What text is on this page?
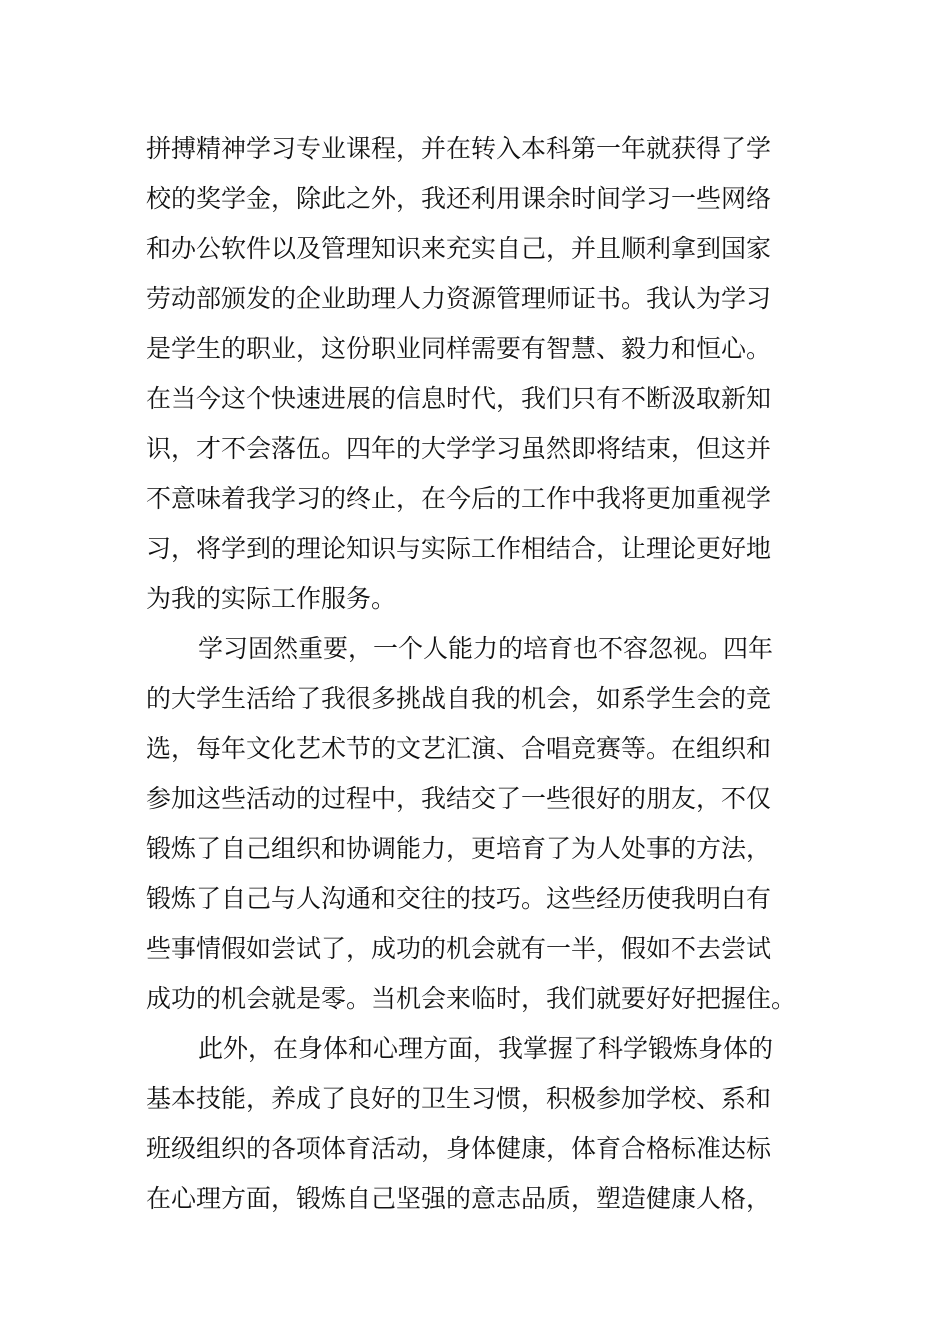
拼搏精神学习专业课程，并在转入本科第一年就获得了学
校的奖学金，除此之外，我还利用课余时间学习一些网络
和办公软件以及管理知识来充实自己，并且顺利拿到国家
劳动部颁发的企业助理人力资源管理师证书。我认为学习
是学生的职业，这份职业同样需要有智慧、毅力和恒心。
在当今这个快速进展的信息时代，我们只有不断汲取新知
识，才不会落伍。四年的大学学习虽然即将结束，但这并
不意味着我学习的终止，在今后的工作中我将更加重视学
习，将学到的理论知识与实际工作相结合，让理论更好地
为我的实际工作服务。
学习固然重要，一个人能力的培育也不容忽视。四年
的大学生活给了我很多挑战自我的机会，如系学生会的竞
选，每年文化艺术节的文艺汇演、合唱竞赛等。在组织和
参加这些活动的过程中，我结交了一些很好的朋友，不仅
锻炼了自己组织和协调能力，更培育了为人处事的方法，
锻炼了自己与人沟通和交往的技巧。这些经历使我明白有
些事情假如尝试了，成功的机会就有一半，假如不去尝试
成功的机会就是零。当机会来临时，我们就要好好把握住。
此外，在身体和心理方面，我掌握了科学锻炼身体的
基本技能，养成了良好的卫生习惯，积极参加学校、系和
班级组织的各项体育活动，身体健康，体育合格标准达标
在心理方面，锻炼自己坚强的意志品质，塑造健康人格，
